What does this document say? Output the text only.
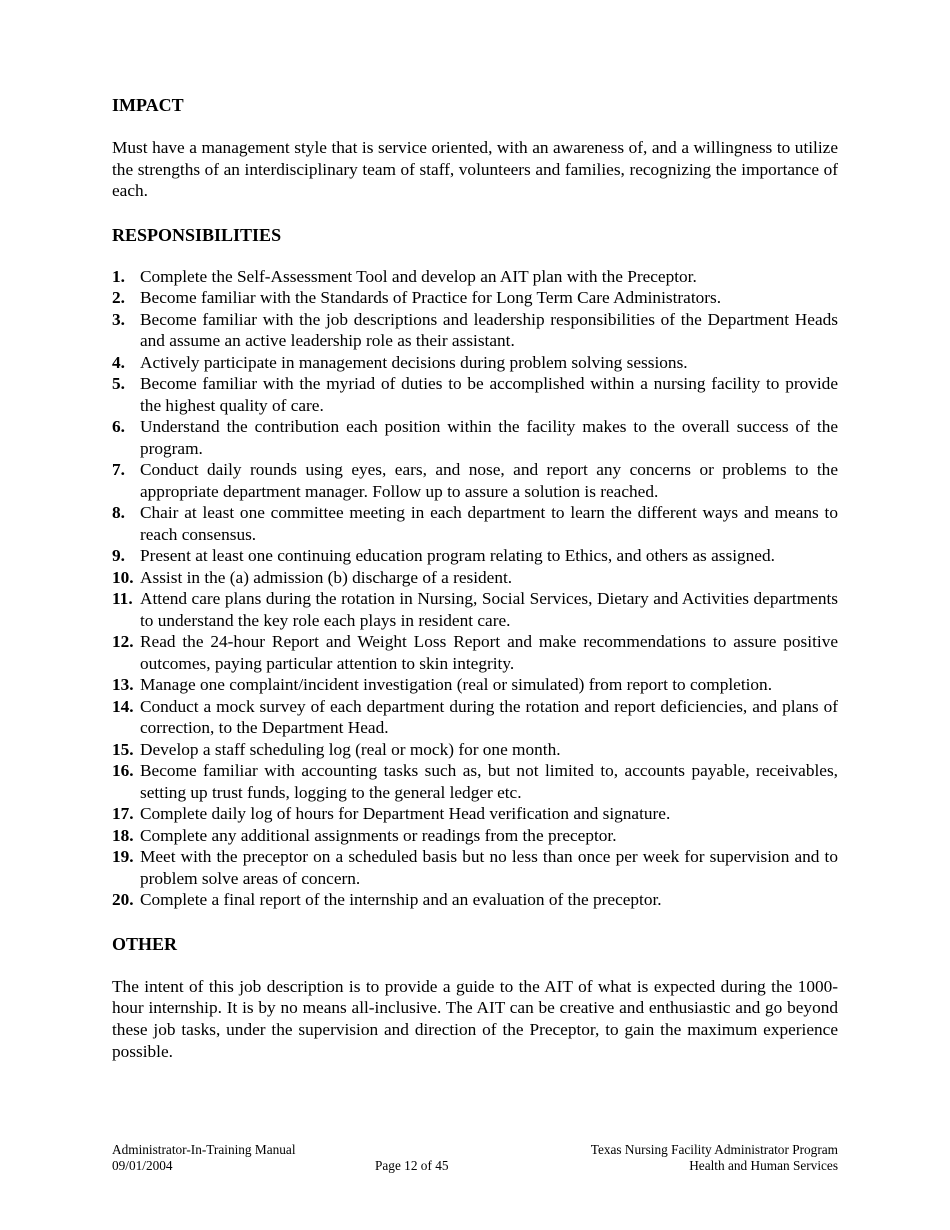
IMPACT

Must have a management style that is service oriented, with an awareness of, and a willingness to utilize the strengths of an interdisciplinary team of staff, volunteers and families, recognizing the importance of each.

RESPONSIBILITIES
1. Complete the Self-Assessment Tool and develop an AIT plan with the Preceptor.
2. Become familiar with the Standards of Practice for Long Term Care Administrators.
3. Become familiar with the job descriptions and leadership responsibilities of the Department Heads and assume an active leadership role as their assistant.
4. Actively participate in management decisions during problem solving sessions.
5. Become familiar with the myriad of duties to be accomplished within a nursing facility to provide the highest quality of care.
6. Understand the contribution each position within the facility makes to the overall success of the program.
7. Conduct daily rounds using eyes, ears, and nose, and report any concerns or problems to the appropriate department manager. Follow up to assure a solution is reached.
8. Chair at least one committee meeting in each department to learn the different ways and means to reach consensus.
9. Present at least one continuing education program relating to Ethics, and others as assigned.
10. Assist in the (a) admission (b) discharge of a resident.
11. Attend care plans during the rotation in Nursing, Social Services, Dietary and Activities departments to understand the key role each plays in resident care.
12. Read the 24-hour Report and Weight Loss Report and make recommendations to assure positive outcomes, paying particular attention to skin integrity.
13. Manage one complaint/incident investigation (real or simulated) from report to completion.
14. Conduct a mock survey of each department during the rotation and report deficiencies, and plans of correction, to the Department Head.
15. Develop a staff scheduling log (real or mock) for one month.
16. Become familiar with accounting tasks such as, but not limited to, accounts payable, receivables, setting up trust funds, logging to the general ledger etc.
17. Complete daily log of hours for Department Head verification and signature.
18. Complete any additional assignments or readings from the preceptor.
19. Meet with the preceptor on a scheduled basis but no less than once per week for supervision and to problem solve areas of concern.
20. Complete a final report of the internship and an evaluation of the preceptor.
OTHER

The intent of this job description is to provide a guide to the AIT of what is expected during the 1000-hour internship. It is by no means all-inclusive. The AIT can be creative and enthusiastic and go beyond these job tasks, under the supervision and direction of the Preceptor, to gain the maximum experience possible.

Administrator-In-Training Manual
09/01/2004	Page 12 of 45
Texas Nursing Facility Administrator Program
Health and Human Services
